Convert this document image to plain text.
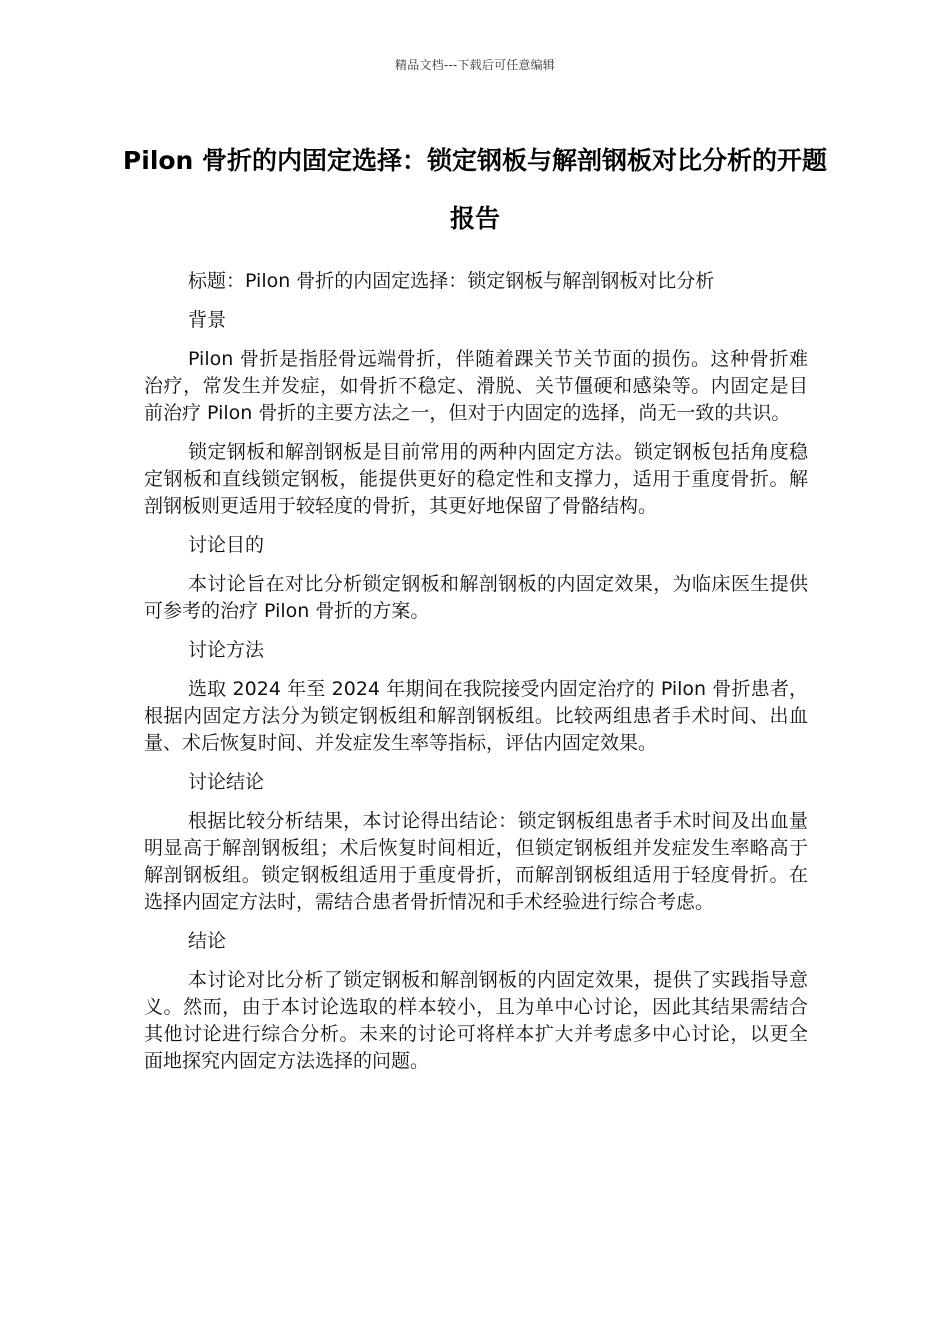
精品文档---下载后可任意编辑
Pilon 骨折的内固定选择：锁定钢板与解剖钢板对比分析的开题报告

标题：Pilon 骨折的内固定选择：锁定钢板与解剖钢板对比分析

背景

Pilon 骨折是指胫骨远端骨折，伴随着踝关节关节面的损伤。这种骨折难治疗，常发生并发症，如骨折不稳定、滑脱、关节僵硬和感染等。内固定是目前治疗 Pilon 骨折的主要方法之一，但对于内固定的选择，尚无一致的共识。

锁定钢板和解剖钢板是目前常用的两种内固定方法。锁定钢板包括角度稳定钢板和直线锁定钢板，能提供更好的稳定性和支撑力，适用于重度骨折。解剖钢板则更适用于较轻度的骨折，其更好地保留了骨骼结构。

讨论目的

本讨论旨在对比分析锁定钢板和解剖钢板的内固定效果，为临床医生提供可参考的治疗 Pilon 骨折的方案。

讨论方法

选取 2024 年至 2024 年期间在我院接受内固定治疗的 Pilon 骨折患者，根据内固定方法分为锁定钢板组和解剖钢板组。比较两组患者手术时间、出血量、术后恢复时间、并发症发生率等指标，评估内固定效果。

讨论结论

根据比较分析结果，本讨论得出结论：锁定钢板组患者手术时间及出血量明显高于解剖钢板组；术后恢复时间相近，但锁定钢板组并发症发生率略高于解剖钢板组。锁定钢板组适用于重度骨折，而解剖钢板组适用于轻度骨折。在选择内固定方法时，需结合患者骨折情况和手术经验进行综合考虑。

结论

本讨论对比分析了锁定钢板和解剖钢板的内固定效果，提供了实践指导意义。然而，由于本讨论选取的样本较小，且为单中心讨论，因此其结果需结合其他讨论进行综合分析。未来的讨论可将样本扩大并考虑多中心讨论，以更全面地探究内固定方法选择的问题。
